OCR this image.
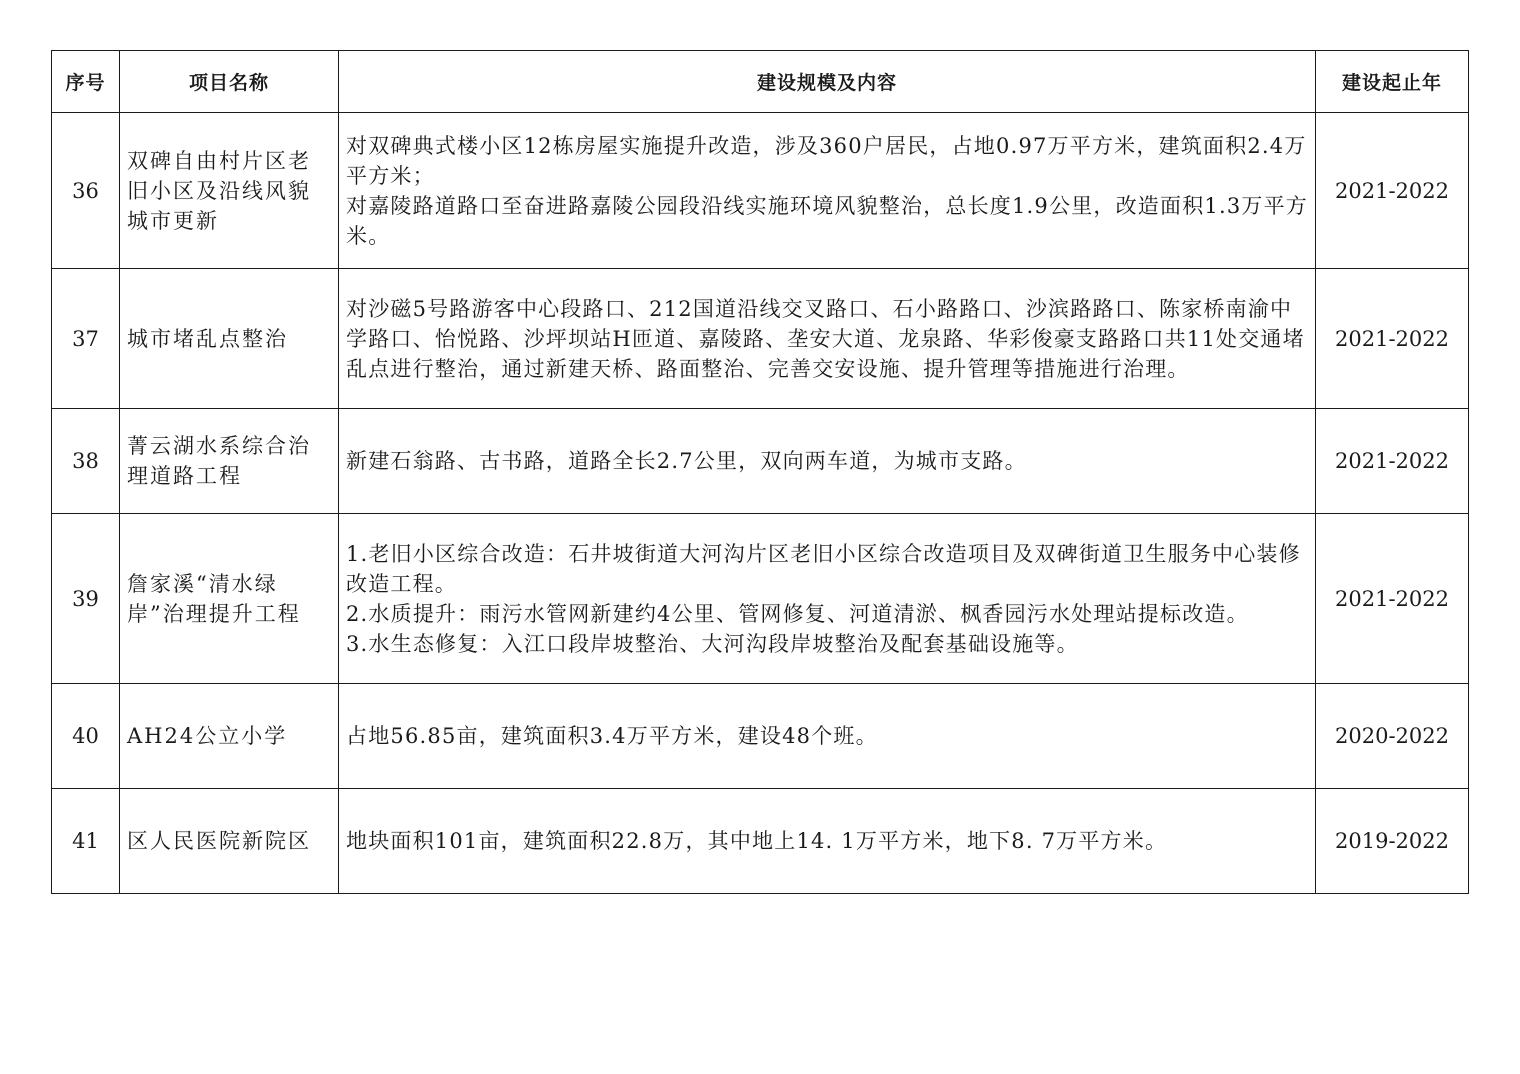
序号	项目名称	建设规模及内容	建设起止年
36	双碑自由村片区老旧小区及沿线风貌城市更新	对双碑典式楼小区12栋房屋实施提升改造，涉及360户居民，占地0.97万平方米，建筑面积2.4万平方米；
对嘉陵路道路口至奋进路嘉陵公园段沿线实施环境风貌整治，总长度1.9公里，改造面积1.3万平方米。	2021-2022
37	城市堵乱点整治	对沙磁5号路游客中心段路口、212国道沿线交叉路口、石小路路口、沙滨路路口、陈家桥南渝中学路口、怡悦路、沙坪坝站H匝道、嘉陵路、垄安大道、龙泉路、华彩俊豪支路路口共11处交通堵乱点进行整治，通过新建天桥、路面整治、完善交安设施、提升管理等措施进行治理。	2021-2022
38	菁云湖水系综合治理道路工程	新建石翁路、古书路，道路全长2.7公里，双向两车道，为城市支路。	2021-2022
39	詹家溪“清水绿岸”治理提升工程	1.老旧小区综合改造：石井坡街道大河沟片区老旧小区综合改造项目及双碑街道卫生服务中心装修改造工程。
2.水质提升：雨污水管网新建约4公里、管网修复、河道清淤、枫香园污水处理站提标改造。
3.水生态修复：入江口段岸坡整治、大河沟段岸坡整治及配套基础设施等。	2021-2022
40	AH24公立小学	占地56.85亩，建筑面积3.4万平方米，建设48个班。	2020-2022
41	区人民医院新院区	地块面积101亩，建筑面积22.8万，其中地上14. 1万平方米，地下8. 7万平方米。	2019-2022
